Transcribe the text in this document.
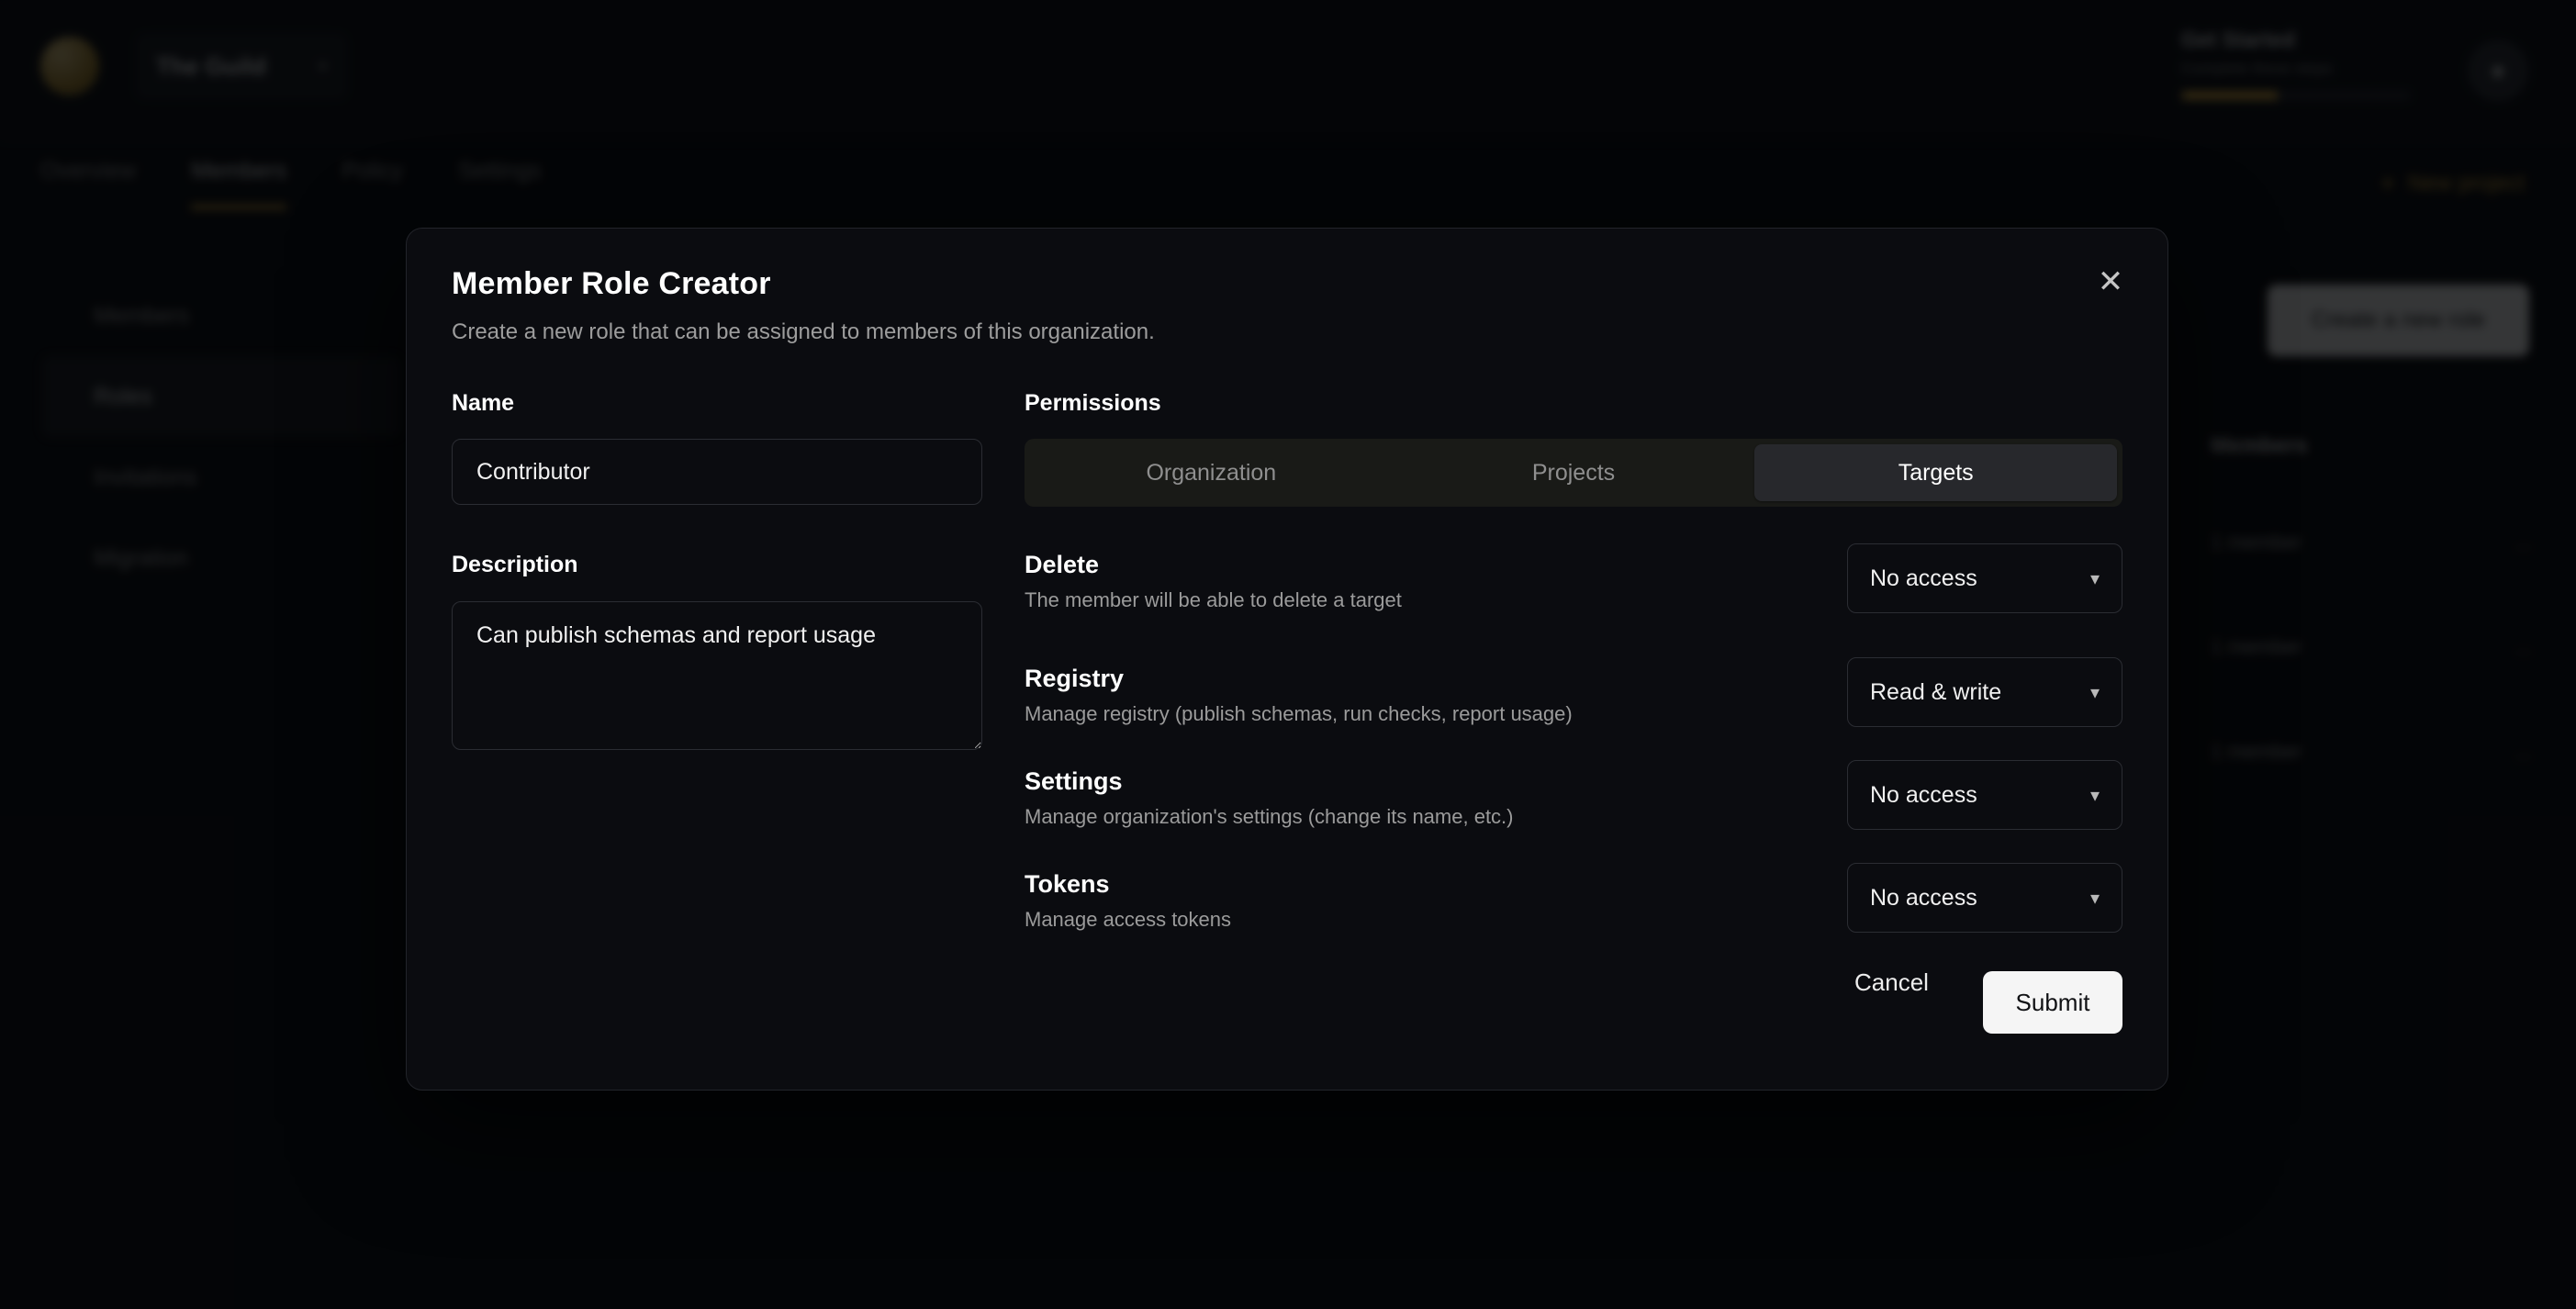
✕
Member Role Creator
Create a new role that can be assigned to members of this organization.
Name
Contributor
Description
Can publish schemas and report usage
Permissions
Organization	Projects	Targets
Delete
The member will be able to delete a target
No access	▾
Registry
Manage registry (publish schemas, run checks, report usage)
Read & write	▾
Settings
Manage organization's settings (change its name, etc.)
No access	▾
Tokens
Manage access tokens
No access	▾
Cancel
Submit
